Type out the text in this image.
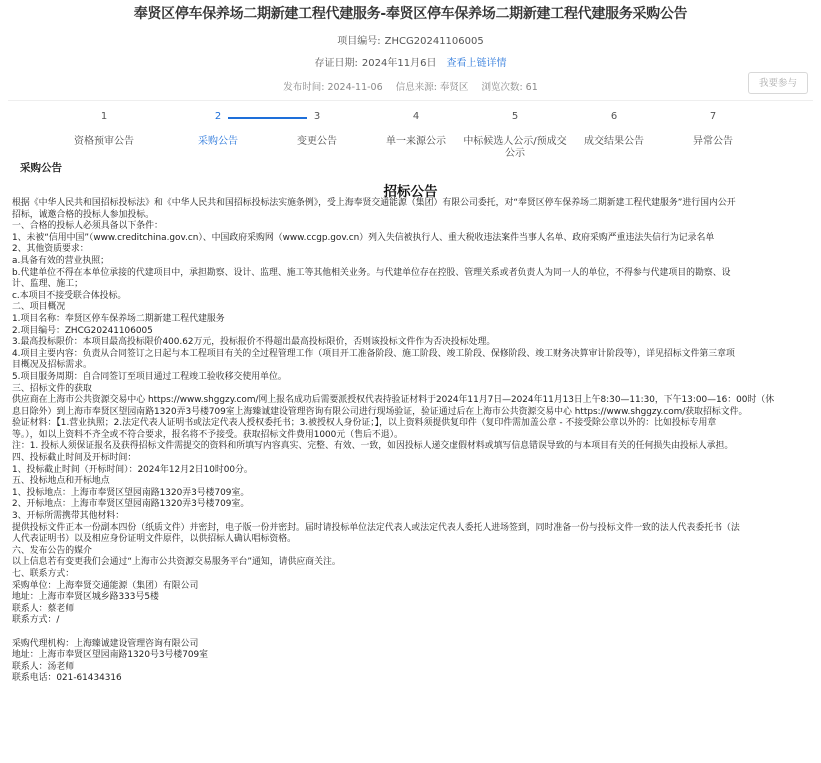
奉贤区停车保养场二期新建工程代建服务-奉贤区停车保养场二期新建工程代建服务采购公告
项目编号: ZHCG20241106005
存证日期: 2024年11月6日 查看上链详情
发布时间: 2024-11-06 信息来源: 奉贤区 浏览次数: 61	我要参与
1
资格预审公告
2
采购公告
3
变更公告
4
单一来源公示
5
中标候选人公示/预成交公示
6
成交结果公告
7
异常公告
采购公告
招标公告

根据《中华人民共和国招标投标法》和《中华人民共和国招标投标法实施条例》，受上海奉贤交通能源（集团）有限公司委托，对“奉贤区停车保养场二期新建工程代建服务”进行国内公开

招标，诚邀合格的投标人参加投标。

一、合格的投标人必须具备以下条件：

1、未被“信用中国”（www.creditchina.gov.cn）、中国政府采购网（www.ccgp.gov.cn）列入失信被执行人、重大税收违法案件当事人名单、政府采购严重违法失信行为记录名单

2、其他资质要求：

a.具备有效的营业执照；

b.代建单位不得在本单位承接的代建项目中，承担勘察、设计、监理、施工等其他相关业务。与代建单位存在控股、管理关系或者负责人为同一人的单位，不得参与代建项目的勘察、设

计、监理、施工；

c.本项目不接受联合体投标。

二、项目概况

1.项目名称：奉贤区停车保养场二期新建工程代建服务

2.项目编号：ZHCG20241106005

3.最高投标限价：本项目最高投标限价400.62万元，投标报价不得超出最高投标限价，否则该投标文件作为否决投标处理。

4.项目主要内容：负责从合同签订之日起与本工程项目有关的全过程管理工作（项目开工准备阶段、施工阶段、竣工阶段、保修阶段、竣工财务决算审计阶段等），详见招标文件第三章项

目概况及招标需求。

5.项目服务周期：自合同签订至项目通过工程竣工验收移交使用单位。

三、招标文件的获取

供应商在上海市公共资源交易中心 https://www.shggzy.com/网上报名成功后需要派授权代表持验证材料于2024年11月7日—2024年11月13日上午8:30—11:30，下午13:00—16：00时（休

息日除外）到上海市奉贤区望园南路1320弄3号楼709室上海臻诚建设管理咨询有限公司进行现场验证，验证通过后在上海市公共资源交易中心 https://www.shggzy.com/获取招标文件。

验证材料：【1.营业执照；2.法定代表人证明书或法定代表人授权委托书；3.被授权人身份证；】，以上资料须提供复印件（复印件需加盖公章 - 不接受除公章以外的：比如投标专用章

等。），如以上资料不齐全或不符合要求，报名将不予接受。获取招标文件费用1000元（售后不退）。

注：1. 投标人须保证报名及获得招标文件需提交的资料和所填写内容真实、完整、有效、一致，如因投标人递交虚假材料或填写信息错误导致的与本项目有关的任何损失由投标人承担。

四、投标截止时间及开标时间：

1、投标截止时间（开标时间）：2024年12月2日10时00分。

五、投标地点和开标地点

1、投标地点：上海市奉贤区望园南路1320弄3号楼709室。

2、开标地点：上海市奉贤区望园南路1320弄3号楼709室。

3、开标所需携带其他材料：

提供投标文件正本一份副本四份（纸质文件）并密封，电子版一份并密封。届时请投标单位法定代表人或法定代表人委托人进场签到，同时准备一份与投标文件一致的法人代表委托书（法

人代表证明书）以及相应身份证明文件原件，以供招标人确认唱标资格。

六、发布公告的媒介

以上信息若有变更我们会通过“上海市公共资源交易服务平台”通知，请供应商关注。

七、联系方式：

采购单位：上海奉贤交通能源（集团）有限公司

地址：上海市奉贤区城乡路333号5楼

联系人：蔡老师

联系方式：/

采购代理机构：上海臻诚建设管理咨询有限公司

地址：上海市奉贤区望园南路1320号3号楼709室

联系人：汤老师

联系电话：021-61434316
